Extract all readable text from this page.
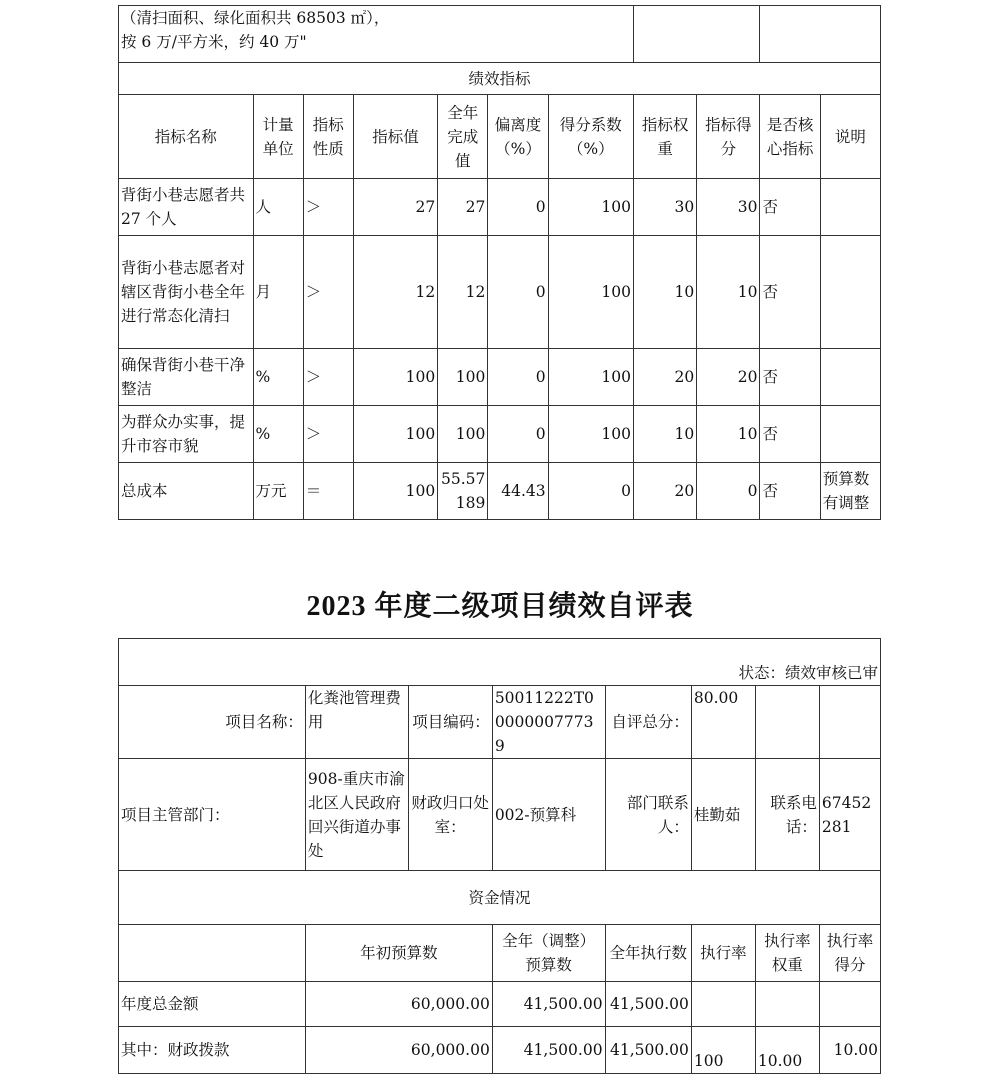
（清扫面积、绿化面积共 68503 ㎡），
按 6 万/平方米，约 40 万"										

绩效指标										
指标名称	计量单位	指标性质	指标值	全年完成值	偏离度（%）	得分系数（%）	指标权重	指标得分	是否核心指标	说明
背街小巷志愿者共 27 个人	人	＞	27	27	0	100	30	30	否	
背街小巷志愿者对辖区背街小巷全年进行常态化清扫	月	＞	12	12	0	100	10	10	否	
确保背街小巷干净整洁	%	＞	100	100	0	100	20	20	否	
为群众办实事，提升市容市貌	%	＞	100	100	0	100	10	10	否	
总成本	万元	＝	100	55.57189	44.43	0	20	0	否	预算数有调整
2023 年度二级项目绩效自评表
状态：绩效审核已审							
项目名称：	化粪池管理费用	项目编码：	50011222T000000077739	自评总分：	80.00		
项目主管部门：	908-重庆市渝北区人民政府回兴街道办事处	财政归口处室：	002-预算科	部门联系人：	桂勤茹	联系电话：	67452281
资金情况							
	年初预算数		全年（调整）预算数	全年执行数	执行率	执行率权重	执行率得分
年度总金额	60,000.00		41,500.00	41,500.00			
其中：财政拨款	60,000.00		41,500.00	41,500.00	100	10.00	10.00
